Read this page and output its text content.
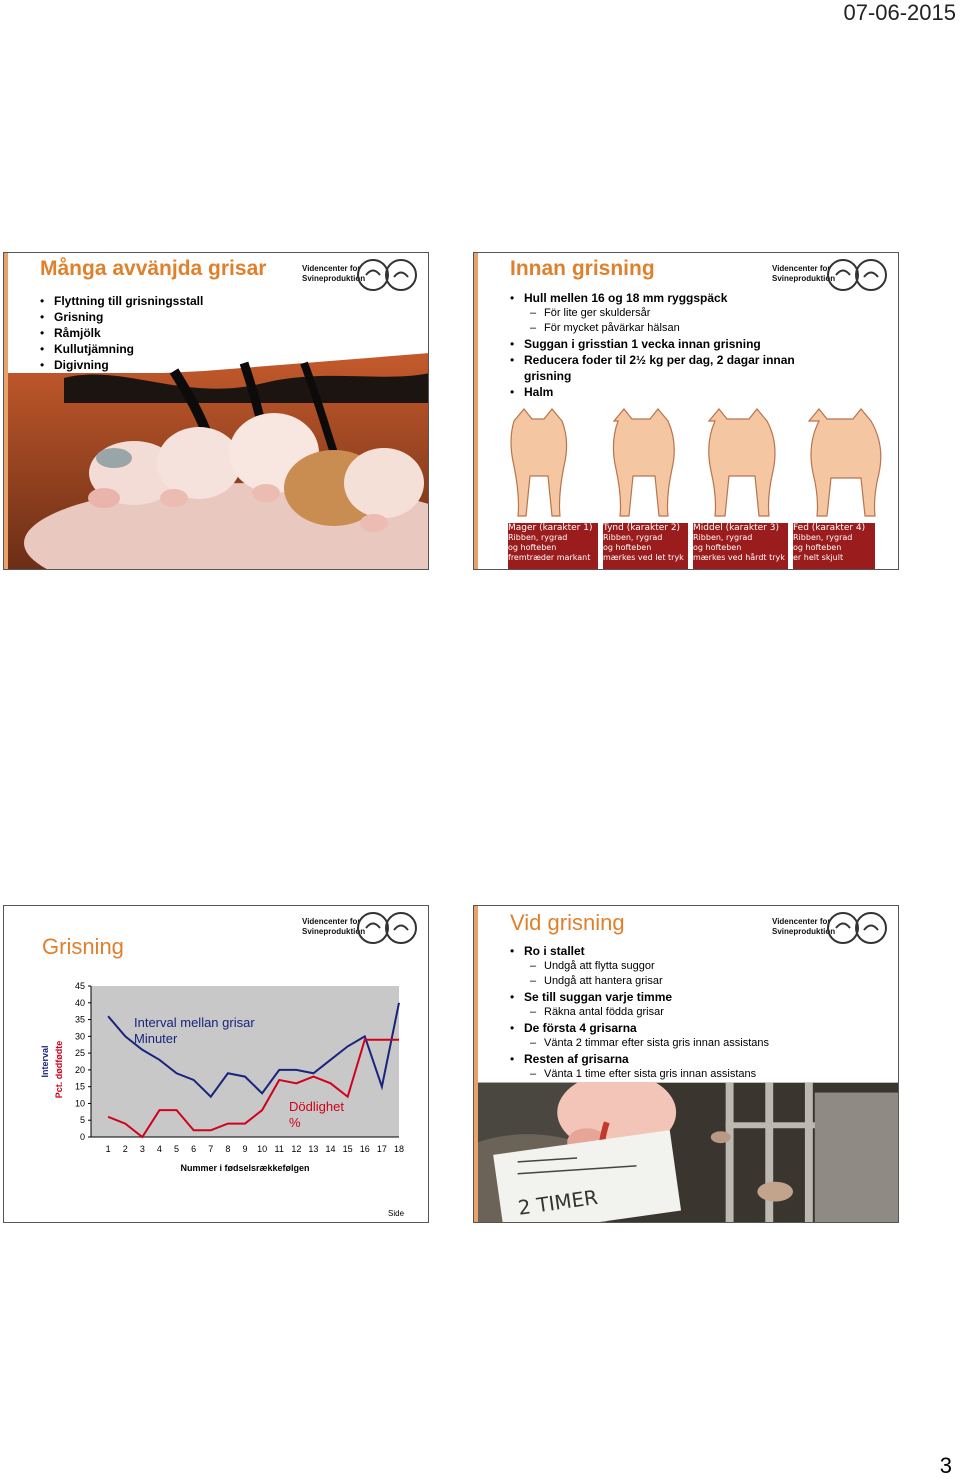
07-06-2015
Många avvänjda grisar	Videncenter for
Svineproduktion
• Flyttning till grisningsstall
• Grisning
• Råmjölk
• Kullutjämning
• Digivning
Innan grisning	Videncenter for
Svineproduktion
• Hull mellen 16 og 18 mm ryggspäck
– För lite ger skuldersår
– För mycket påvärkar hälsan
• Suggan i grisstian 1 vecka innan grisning
• Reducera foder til 2½ kg per dag, 2 dagar innan
grisning
• Halm
Mager (karakter 1)
Ribben, rygrad
og hofteben
fremtræder markant
Tynd (karakter 2)
Ribben, rygrad
og hofteben
mærkes ved let tryk
Middel (karakter 3)
Ribben, rygrad
og hofteben
mærkes ved hårdt tryk
Fed (karakter 4)
Ribben, rygrad
og hofteben
er helt skjult
Grisning
Videncenter for
Svineproduktion
0
5
10
15
20
25
30
35
40
45
1 2 3 4 5 6 7 8 9 10 11 12 13 14 15 16 17 18
Nummer i fødselsrækkefølgen
Interval Pct. dødfødte
Interval mellan grisar
Minuter
Dödlighet
%
Side
Vid grisning	Videncenter for
Svineproduktion
2 TIMER
• Ro i stallet
– Undgå att flytta suggor
– Undgå att hantera grisar
• Se till suggan varje timme
– Räkna antal födda grisar
• De första 4 grisarna
– Vänta 2 timmar efter sista gris innan assistans
• Resten af grisarna
– Vänta 1 time efter sista gris innan assistans
3
